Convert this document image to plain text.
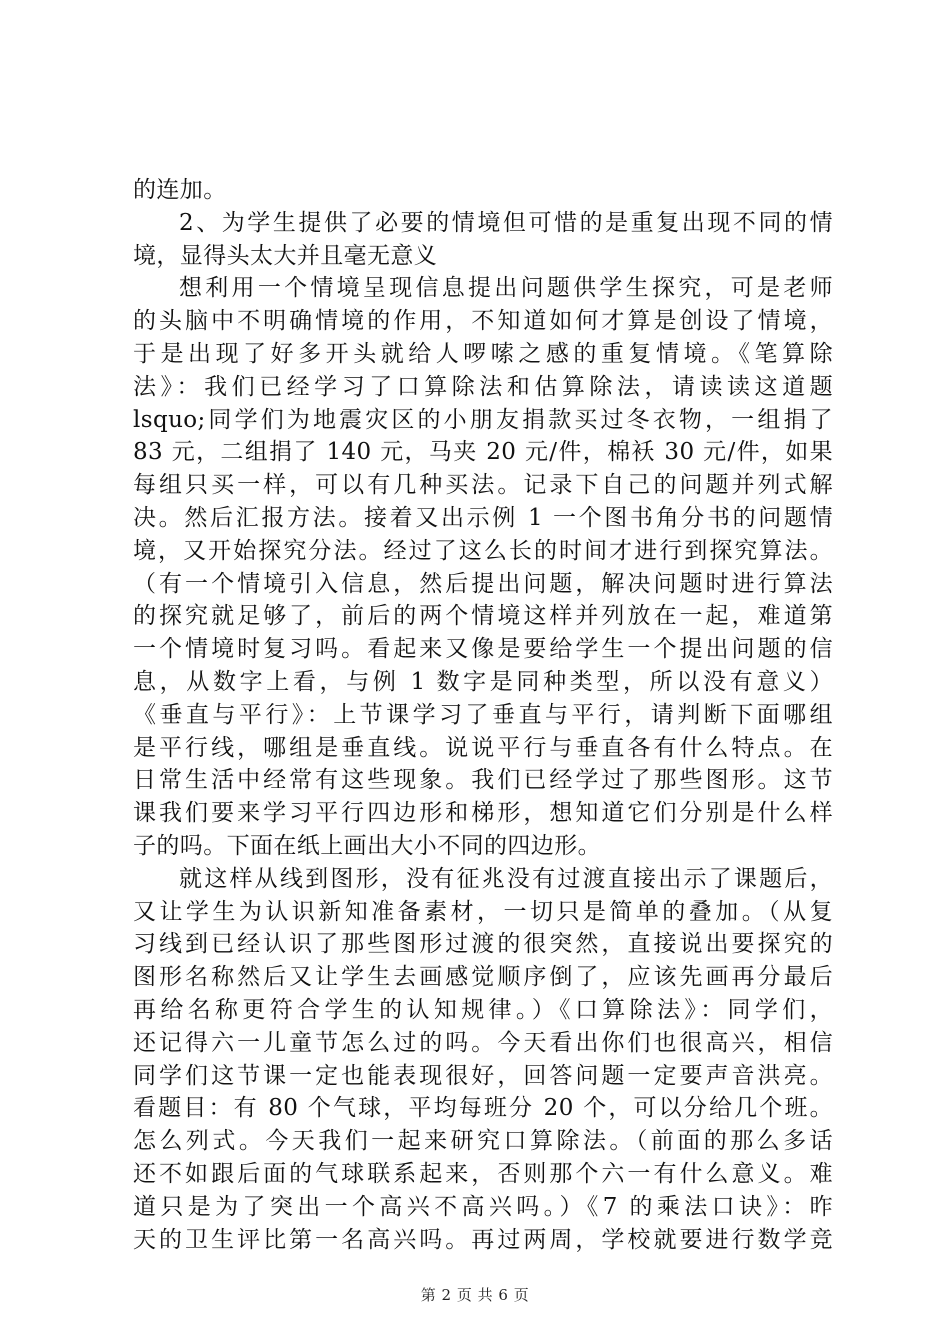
的连加。
2、为学生提供了必要的情境但可惜的是重复出现不同的情
境，显得头太大并且毫无意义
想利用一个情境呈现信息提出问题供学生探究，可是老师
的头脑中不明确情境的作用，不知道如何才算是创设了情境，
于是出现了好多开头就给人啰嗦之感的重复情境。《笔算除
法》：我们已经学习了口算除法和估算除法，请读读这道题
lsquo;同学们为地震灾区的小朋友捐款买过冬衣物，一组捐了
83 元，二组捐了 140 元，马夹 20 元/件，棉袄 30 元/件，如果
每组只买一样，可以有几种买法。记录下自己的问题并列式解
决。然后汇报方法。接着又出示例 1 一个图书角分书的问题情
境，又开始探究分法。经过了这么长的时间才进行到探究算法。
（有一个情境引入信息，然后提出问题，解决问题时进行算法
的探究就足够了，前后的两个情境这样并列放在一起，难道第
一个情境时复习吗。看起来又像是要给学生一个提出问题的信
息，从数字上看，与例 1 数字是同种类型，所以没有意义）
《垂直与平行》：上节课学习了垂直与平行，请判断下面哪组
是平行线，哪组是垂直线。说说平行与垂直各有什么特点。在
日常生活中经常有这些现象。我们已经学过了那些图形。这节
课我们要来学习平行四边形和梯形，想知道它们分别是什么样
子的吗。下面在纸上画出大小不同的四边形。
就这样从线到图形，没有征兆没有过渡直接出示了课题后，
又让学生为认识新知准备素材，一切只是简单的叠加。（从复
习线到已经认识了那些图形过渡的很突然，直接说出要探究的
图形名称然后又让学生去画感觉顺序倒了，应该先画再分最后
再给名称更符合学生的认知规律。）《口算除法》：同学们，
还记得六一儿童节怎么过的吗。今天看出你们也很高兴，相信
同学们这节课一定也能表现很好，回答问题一定要声音洪亮。
看题目：有 80 个气球，平均每班分 20 个，可以分给几个班。
怎么列式。今天我们一起来研究口算除法。（前面的那么多话
还不如跟后面的气球联系起来，否则那个六一有什么意义。难
道只是为了突出一个高兴不高兴吗。）《7 的乘法口诀》：昨
天的卫生评比第一名高兴吗。再过两周，学校就要进行数学竞
第 2 页 共 6 页
